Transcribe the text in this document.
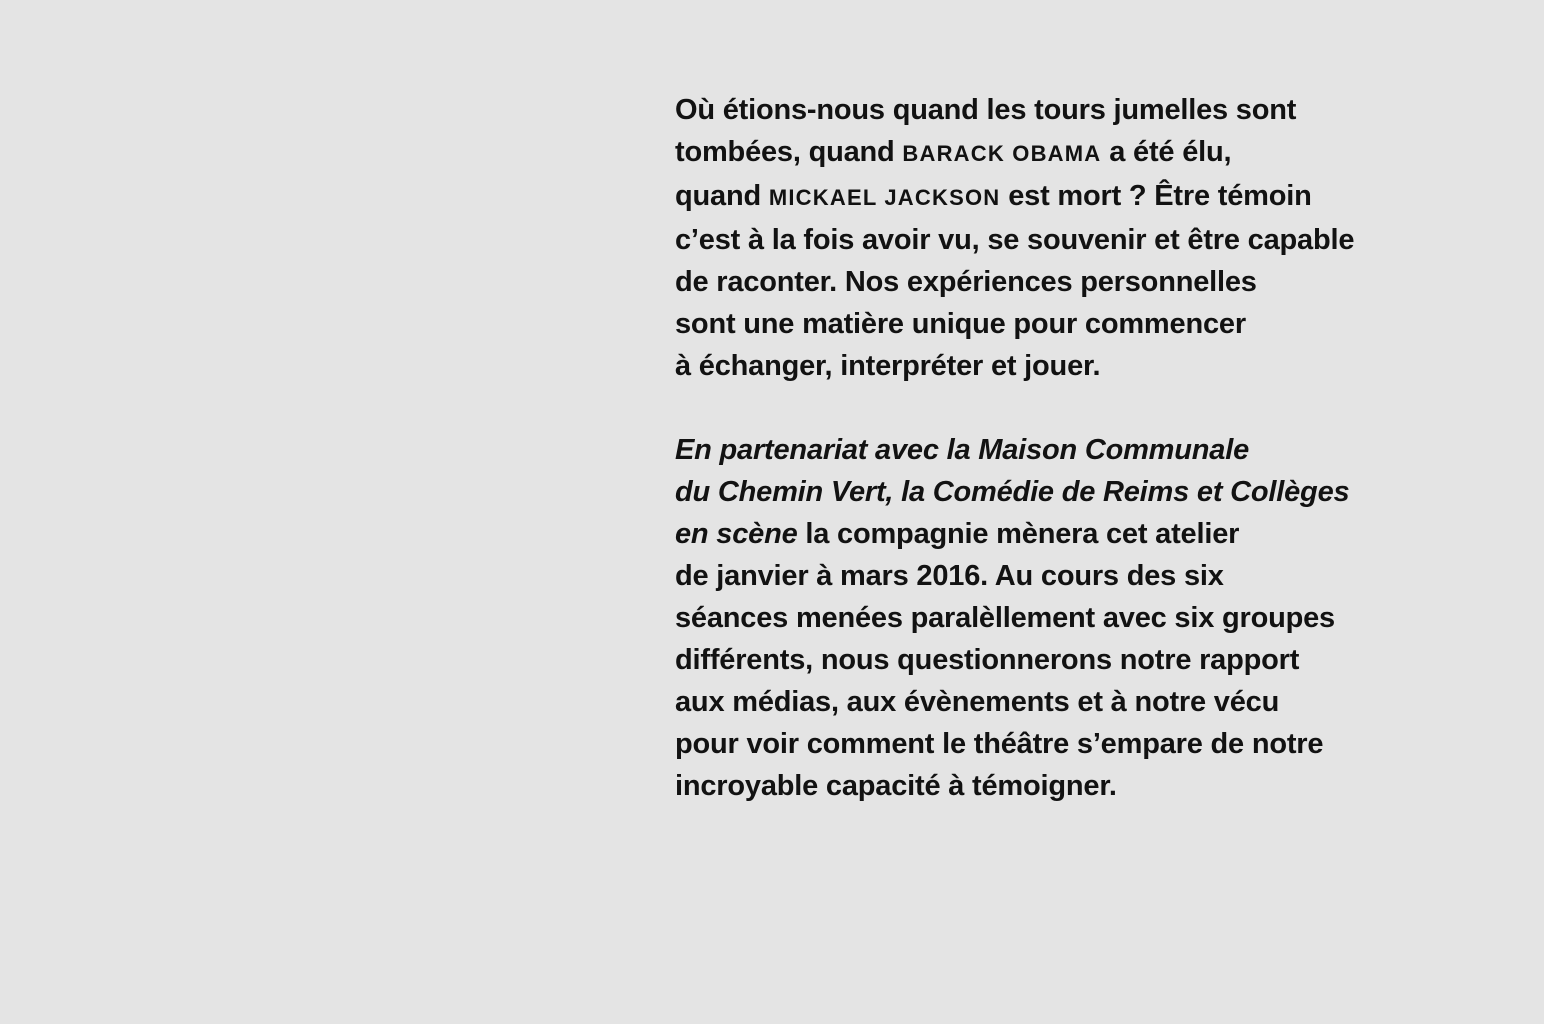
Où étions-nous quand les tours jumelles sont
tombées, quand BARACK OBAMA a été élu,
quand MICKAEL JACKSON est mort ? Être témoin
c’est à la fois avoir vu, se souvenir et être capable
de raconter. Nos expériences personnelles
sont une matière unique pour commencer
à échanger, interpréter et jouer.

En partenariat avec la Maison Communale
du Chemin Vert, la Comédie de Reims et Collèges
en scène la compagnie mènera cet atelier
de janvier à mars 2016. Au cours des six
séances menées paralèllement avec six groupes
différents, nous questionnerons notre rapport
aux médias, aux évènements et à notre vécu
pour voir comment le théâtre s’empare de notre
incroyable capacité à témoigner.
